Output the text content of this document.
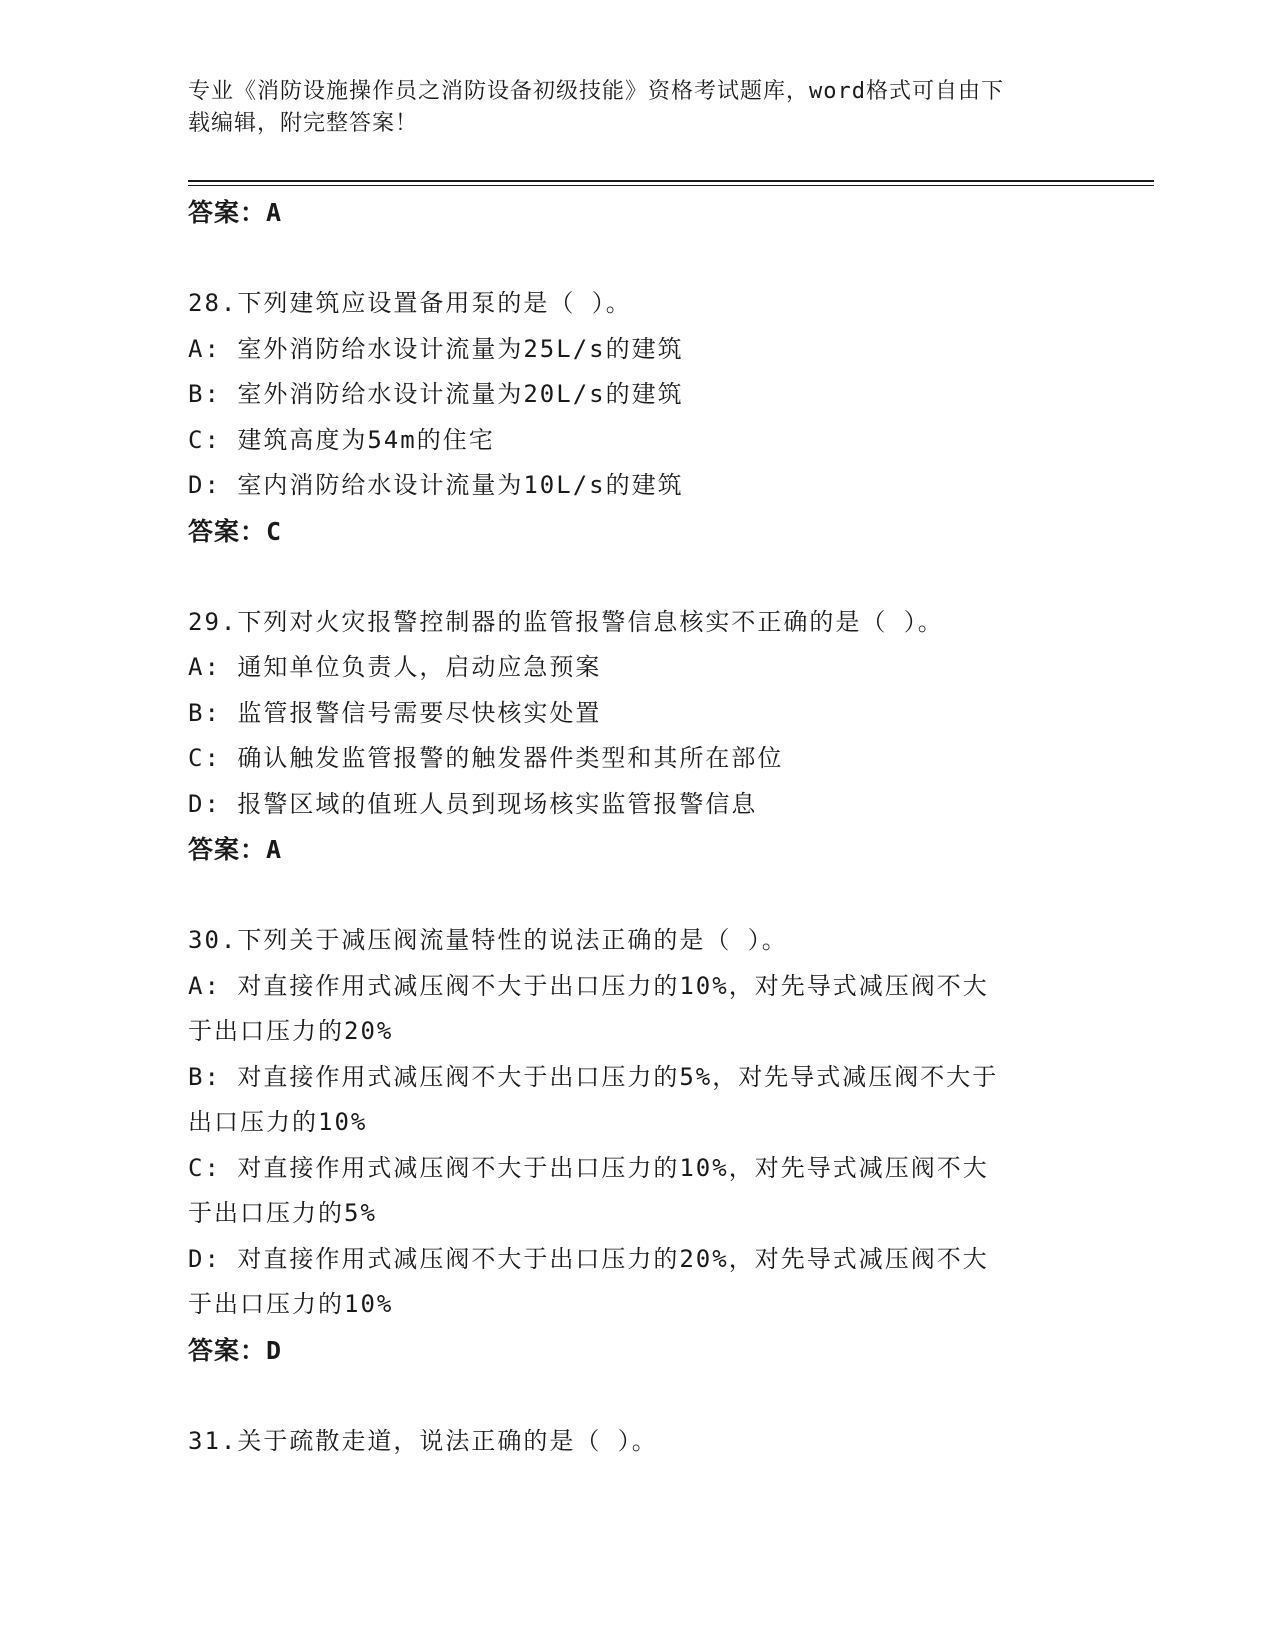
专业《消防设施操作员之消防设备初级技能》资格考试题库，word格式可自由下
载编辑，附完整答案！
答案：A
28.下列建筑应设置备用泵的是（ ）。
A: 室外消防给水设计流量为25L/s的建筑
B: 室外消防给水设计流量为20L/s的建筑
C: 建筑高度为54m的住宅
D: 室内消防给水设计流量为10L/s的建筑
答案：C
29.下列对火灾报警控制器的监管报警信息核实不正确的是（ ）。
A: 通知单位负责人，启动应急预案
B: 监管报警信号需要尽快核实处置
C: 确认触发监管报警的触发器件类型和其所在部位
D: 报警区域的值班人员到现场核实监管报警信息
答案：A
30.下列关于减压阀流量特性的说法正确的是（ ）。
A: 对直接作用式减压阀不大于出口压力的10%，对先导式减压阀不大
于出口压力的20%
B: 对直接作用式减压阀不大于出口压力的5%，对先导式减压阀不大于
出口压力的10%
C: 对直接作用式减压阀不大于出口压力的10%，对先导式减压阀不大
于出口压力的5%
D: 对直接作用式减压阀不大于出口压力的20%，对先导式减压阀不大
于出口压力的10%
答案：D
31.关于疏散走道，说法正确的是（ ）。
